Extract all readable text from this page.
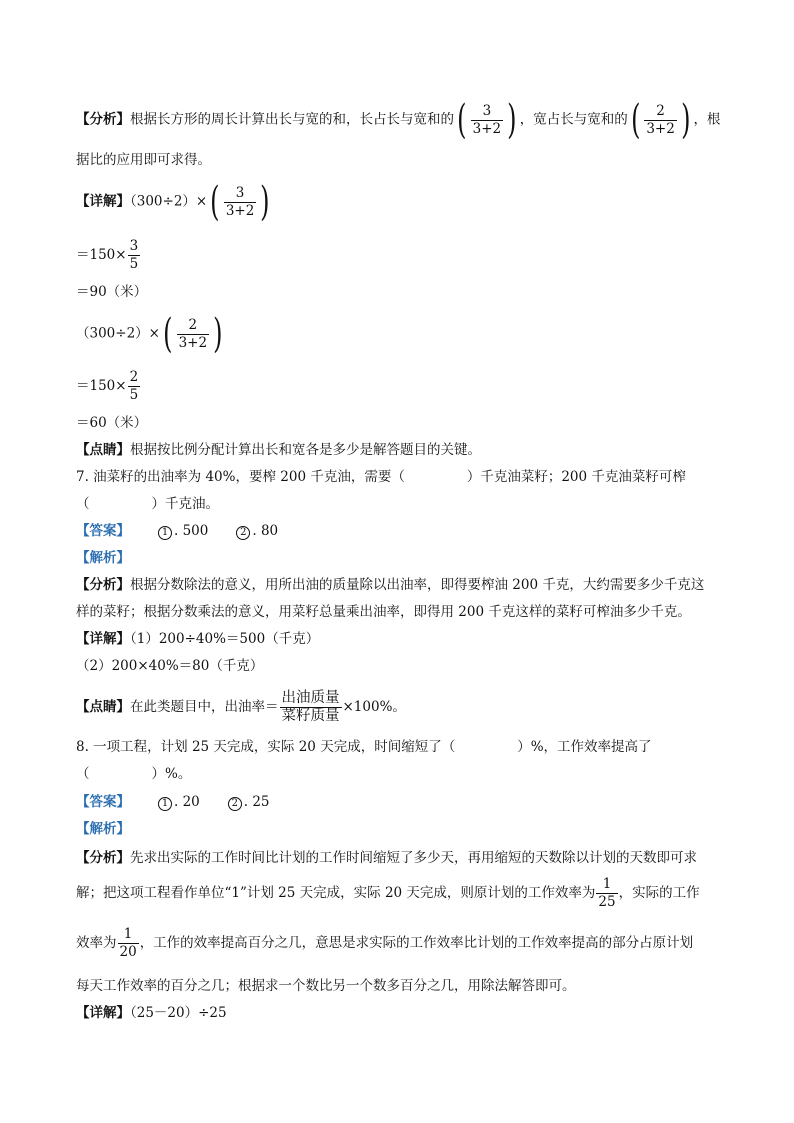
【分析】根据长方形的周长计算出长与宽的和，长占长与宽和的( $\frac{3}{3+2}$ ) ，宽占长与宽和的( $\frac{2}{3+2}$ ) ，根
据比的应用即可求得。
【详解】$(300\div 2)\times( \frac{3}{3+2}$ )
$=150\times \frac{3}{5}$
＝90（米）
$(300\div 2)\times( \frac{2}{3+2}$ )
$=150\times \frac{2}{5}$
＝60（米）
【点睛】根据按比例分配计算出长和宽各是多少是解答题目的关键。
7. 油菜籽的出油率为 40%，要榨 200 千克油，需要（	）千克油菜籽；200 千克油菜籽可榨
（	）千克油。
【答案】	1 . 500	2 . 80
【解析】
【分析】根据分数除法的意义，用所出油的质量除以出油率，即得要榨油 200 千克，大约需要多少千克这
样的菜籽；根据分数乘法的意义，用菜籽总量乘出油率，即得用 200 千克这样的菜籽可榨油多少千克。
【详解】（1）200÷40%＝500（千克）
（2）200×40%＝80（千克）
【点睛】在此类题目中，出油率＝ $\frac{\text{出油质量}}{\text{菜籽质量}} \times 100\%$。
8. 一项工程，计划 25 天完成，实际 20 天完成，时间缩短了（	）%，工作效率提高了
（	）%。
【答案】	1 . 20	2 . 25
【解析】
【分析】先求出实际的工作时间比计划的工作时间缩短了多少天，再用缩短的天数除以计划的天数即可求
解；把这项工程看作单位“1”计划 25 天完成，实际 20 天完成，则原计划的工作效率为 $\frac{1}{25}$ ，实际的工作
效率为 $\frac{1}{20}$ ，工作的效率提高百分之几，意思是求实际的工作效率比计划的工作效率提高的部分占原计划
每天工作效率的百分之几；根据求一个数比另一个数多百分之几，用除法解答即可。
【详解】（25－20）÷25
